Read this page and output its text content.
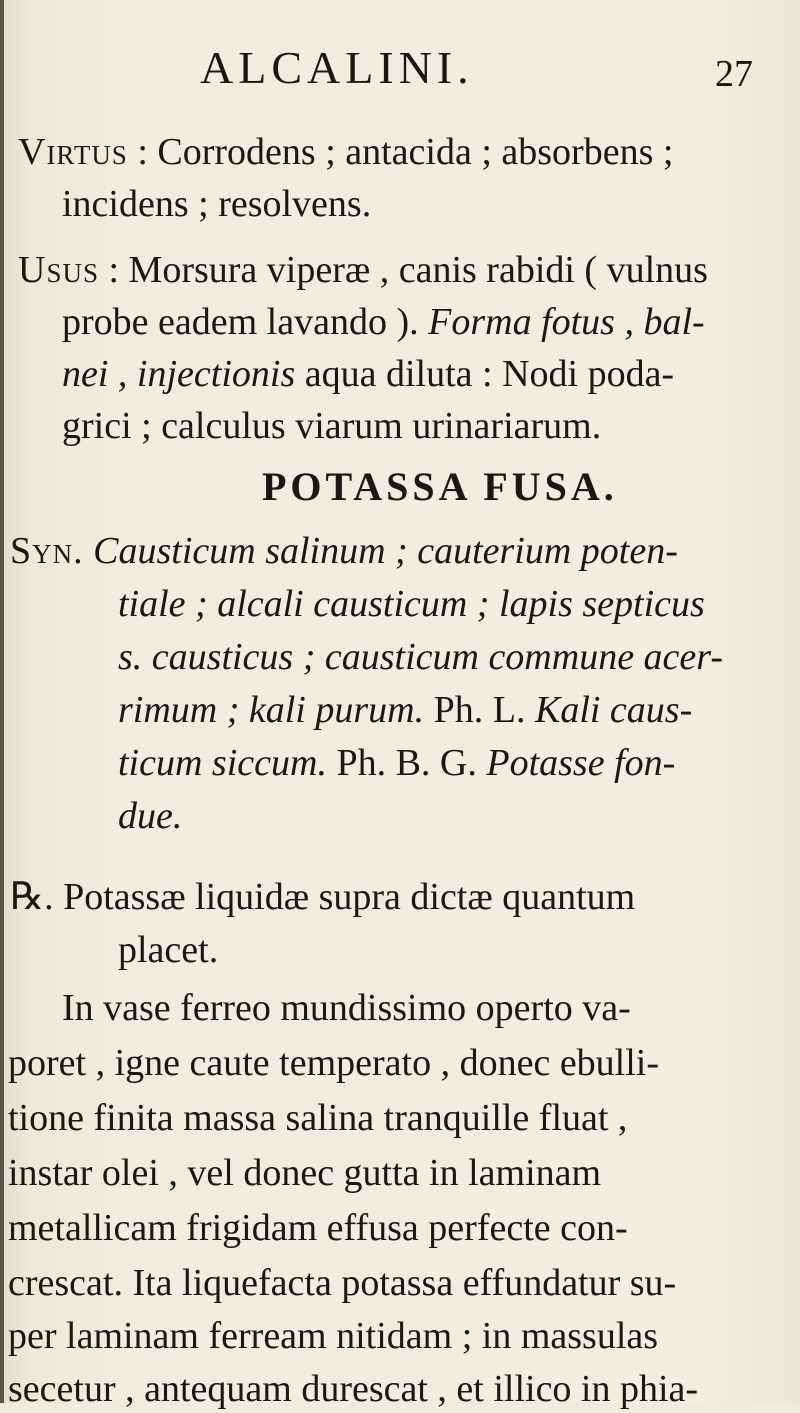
ALCALINI.	27

Virtus : Corrodens ; antacida ; absorbens ;

incidens ; resolvens.

Usus : Morsura viperæ , canis rabidi ( vulnus

probe eadem lavando ). Forma fotus , bal-

nei , injectionis aqua diluta : Nodi poda-

grici ; calculus viarum urinariarum.

POTASSA FUSA.

Syn. Causticum salinum ; cauterium poten-

tiale ; alcali causticum ; lapis septicus

s. causticus ; causticum commune acer-

rimum ; kali purum. Ph. L. Kali caus-

ticum siccum. Ph. B. G. Potasse fon-

due.

℞. Potassæ liquidæ supra dictæ quantum

placet.

In vase ferreo mundissimo operto va-

poret , igne caute temperato , donec ebulli-

tione finita massa salina tranquille fluat ,

instar olei , vel donec gutta in laminam

metallicam frigidam effusa perfecte con-

crescat. Ita liquefacta potassa effundatur su-

per laminam ferream nitidam ; in massulas

secetur , antequam durescat , et illico in phia-
